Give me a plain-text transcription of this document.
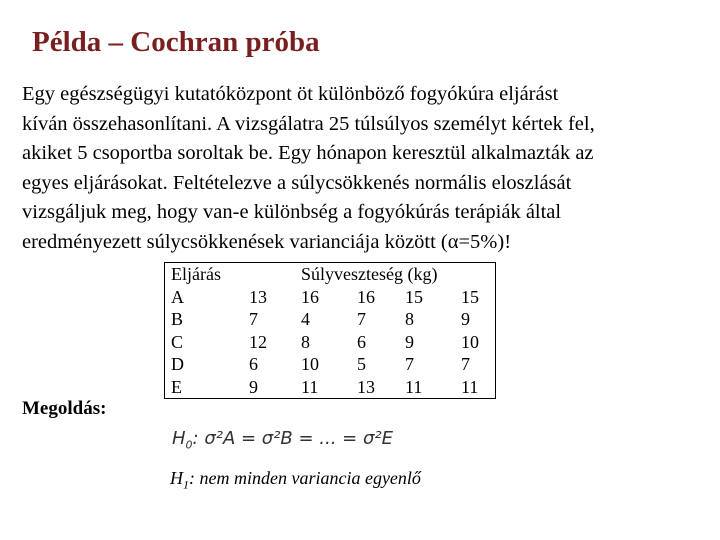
Példa – Cochran próba
Egy egészségügyi kutatóközpont öt különböző fogyókúra eljárást
kíván összehasonlítani. A vizsgálatra 25 túlsúlyos személyt kértek fel,
akiket 5 csoportba soroltak be. Egy hónapon keresztül alkalmazták az
egyes eljárásokat. Feltételezve a súlycsökkenés normális eloszlását
vizsgáljuk meg, hogy van-e különbség a fogyókúrás terápiák által
eredményezett súlycsökkenések varianciája között (α=5%)!
Eljárás		Súlyveszteség (kg)			
A	13	16	16	15	15
B	7	4	7	8	9
C	12	8	6	9	10
D	6	10	5	7	7
E	9	11	13	11	11
Megoldás:
$H_0$: σ²A = σ²B = ... = σ²E
$H_1$: nem minden variancia egyenlő
